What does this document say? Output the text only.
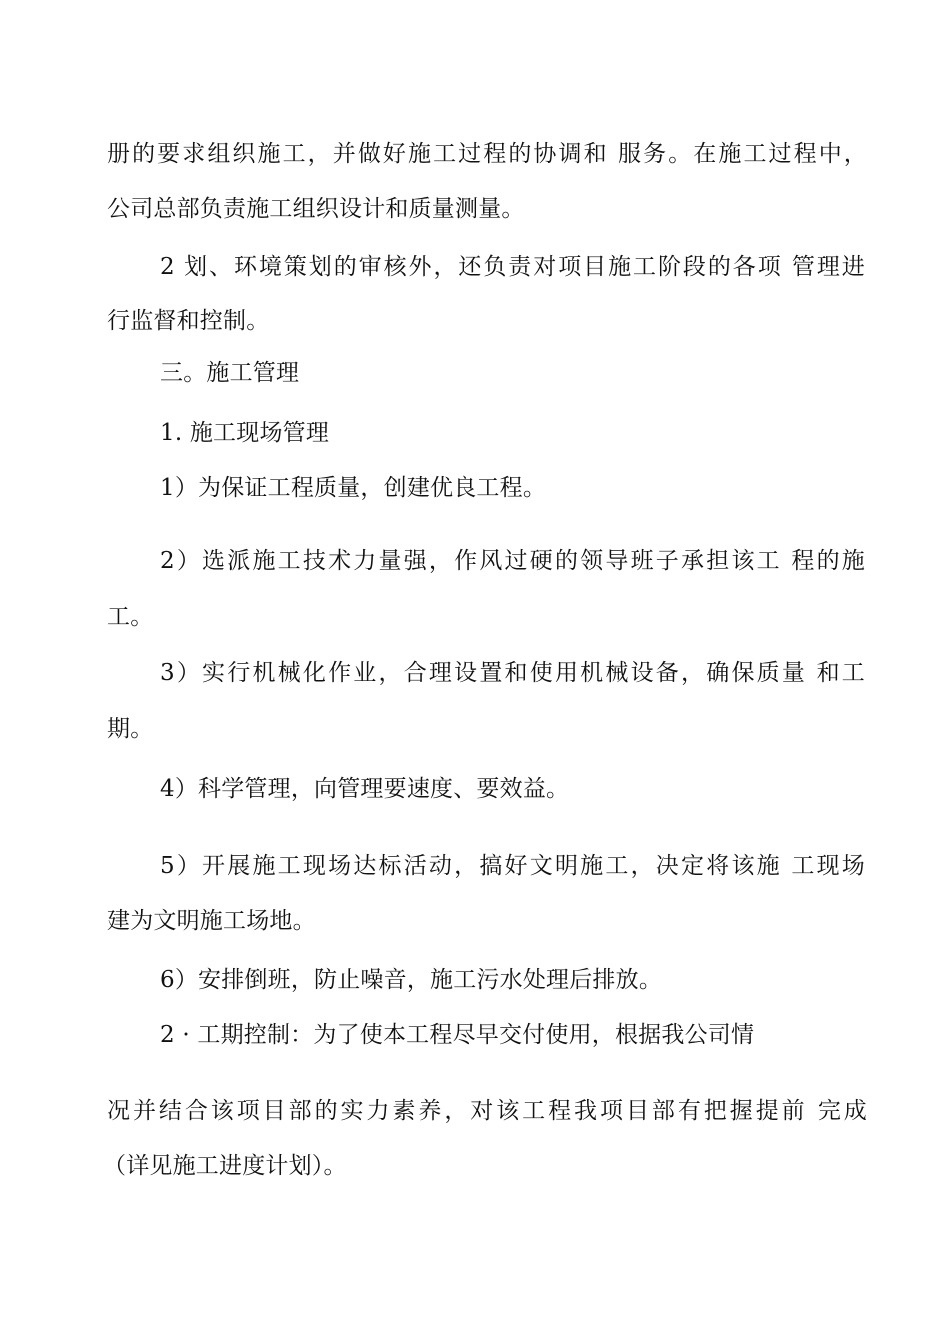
册的要求组织施工，并做好施工过程的协调和 服务。在施工过程中，
公司总部负责施工组织设计和质量测量。
2 划、环境策划的审核外，还负责对项目施工阶段的各项 管理进
行监督和控制。
三。施工管理
1. 施工现场管理
1）为保证工程质量，创建优良工程。
2）选派施工技术力量强，作风过硬的领导班子承担该工 程的施
工。
3）实行机械化作业，合理设置和使用机械设备，确保质量 和工
期。
4）科学管理，向管理要速度、要效益。
5）开展施工现场达标活动，搞好文明施工，决定将该施 工现场
建为文明施工场地。
6）安排倒班，防止噪音，施工污水处理后排放。
2 · 工期控制：为了使本工程尽早交付使用，根据我公司情
况并结合该项目部的实力素养，对该工程我项目部有把握提前 完成
（详见施工进度计划）。
